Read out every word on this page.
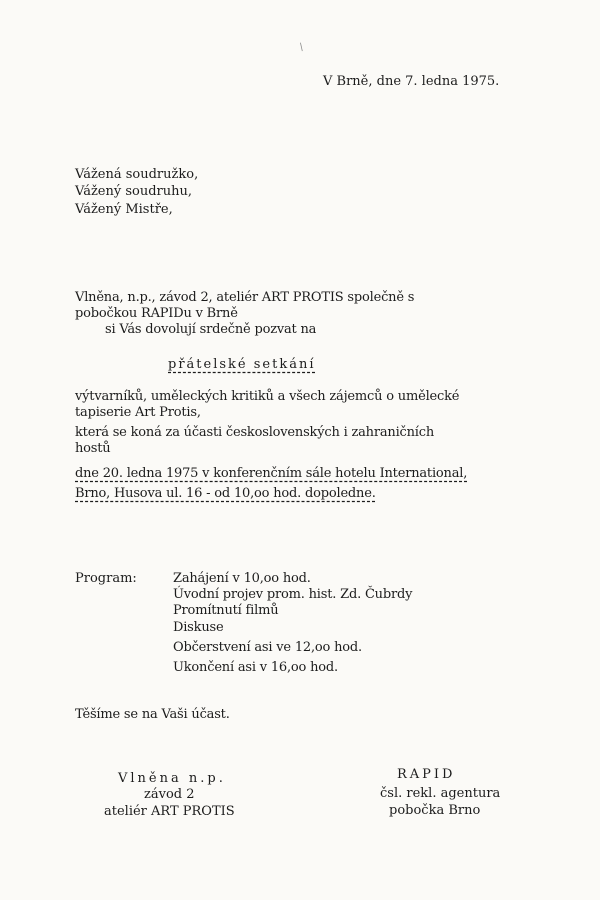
/
V Brně, dne 7. ledna 1975.
Vážená soudružko,
Vážený soudruhu,
Vážený Mistře,
Vlněna, n.p., závod 2, ateliér ART PROTIS společně s
pobočkou RAPIDu v Brně
si Vás dovolují srdečně pozvat na
přátelské setkání
výtvarníků, uměleckých kritiků a všech zájemců o umělecké
tapiserie Art Protis,
která se koná za účasti československých i zahraničních
hostů
dne 20. ledna 1975 v konferenčním sále hotelu International,
Brno, Husova ul. 16 - od 10,oo hod. dopoledne.
Program:	Zahájení v 10,oo hod.
Úvodní projev prom. hist. Zd. Čubrdy
Promítnutí filmů
Diskuse
Občerstvení asi ve 12,oo hod.
Ukončení asi v 16,oo hod.
Těšíme se na Vaši účast.
Vlněna n.p.
závod 2
ateliér ART PROTIS
RAPID
čsl. rekl. agentura
pobočka Brno
